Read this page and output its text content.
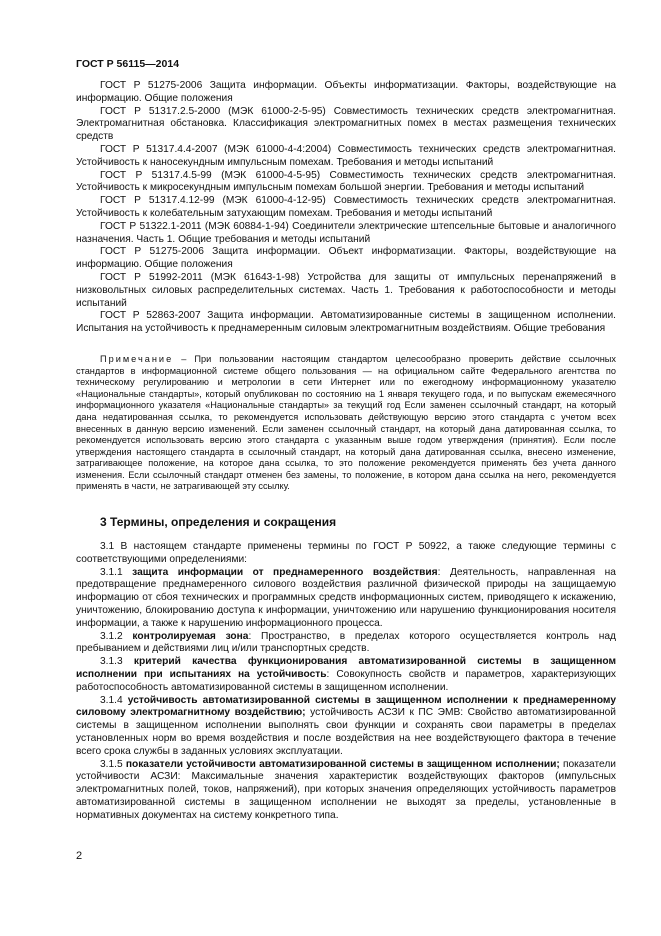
ГОСТ Р 56115—2014

ГОСТ Р 51275-2006 Защита информации. Объекты информатизации. Факторы, воздействующие на информацию. Общие положения

ГОСТ Р 51317.2.5-2000 (МЭК 61000-2-5-95) Совместимость технических средств электромагнитная. Электромагнитная обстановка. Классификация электромагнитных помех в местах размещения технических средств

ГОСТ Р 51317.4.4-2007 (МЭК 61000-4-4:2004) Совместимость технических средств электромагнитная. Устойчивость к наносекундным импульсным помехам. Требования и методы испытаний

ГОСТ Р 51317.4.5-99 (МЭК 61000-4-5-95) Совместимость технических средств электромагнитная. Устойчивость к микросекундным импульсным помехам большой энергии. Требования и методы испытаний

ГОСТ Р 51317.4.12-99 (МЭК 61000-4-12-95) Совместимость технических средств электромагнитная. Устойчивость к колебательным затухающим помехам. Требования и методы испытаний

ГОСТ Р 51322.1-2011 (МЭК 60884-1-94) Соединители электрические штепсельные бытовые и аналогичного назначения. Часть 1. Общие требования и методы испытаний

ГОСТ Р 51275-2006 Защита информации. Объект информатизации. Факторы, воздействующие на информацию. Общие положения

ГОСТ Р 51992-2011 (МЭК 61643-1-98) Устройства для защиты от импульсных перенапряжений в низковольтных силовых распределительных системах. Часть 1. Требования к работоспособности и методы испытаний

ГОСТ Р 52863-2007 Защита информации. Автоматизированные системы в защищенном исполнении. Испытания на устойчивость к преднамеренным силовым электромагнитным воздействиям. Общие требования

Примечание – При пользовании настоящим стандартом целесообразно проверить действие ссылочных стандартов в информационной системе общего пользования — на официальном сайте Федерального агентства по техническому регулированию и метрологии в сети Интернет или по ежегодному информационному указателю «Национальные стандарты», который опубликован по состоянию на 1 января текущего года, и по выпускам ежемесячного информационного указателя «Национальные стандарты» за текущий год Если заменен ссылочный стандарт, на который дана недатированная ссылка, то рекомендуется использовать действующую версию этого стандарта с учетом всех внесенных в данную версию изменений. Если заменен ссылочный стандарт, на который дана датированная ссылка, то рекомендуется использовать версию этого стандарта с указанным выше годом утверждения (принятия). Если после утверждения настоящего стандарта в ссылочный стандарт, на который дана датированная ссылка, внесено изменение, затрагивающее положение, на которое дана ссылка, то это положение рекомендуется применять без учета данного изменения. Если ссылочный стандарт отменен без замены, то положение, в котором дана ссылка на него, рекомендуется применять в части, не затрагивающей эту ссылку.

3 Термины, определения и сокращения

3.1 В настоящем стандарте применены термины по ГОСТ Р 50922, а также следующие термины с соответствующими определениями:

3.1.1 защита информации от преднамеренного воздействия: Деятельность, направленная на предотвращение преднамеренного силового воздействия различной физической природы на защищаемую информацию от сбоя технических и программных средств информационных систем, приводящего к искажению, уничтожению, блокированию доступа к информации, уничтожению или нарушению функционирования носителя информации, а также к нарушению информационного процесса.

3.1.2 контролируемая зона: Пространство, в пределах которого осуществляется контроль над пребыванием и действиями лиц и/или транспортных средств.

3.1.3 критерий качества функционирования автоматизированной системы в защищенном исполнении при испытаниях на устойчивость: Совокупность свойств и параметров, характеризующих работоспособность автоматизированной системы в защищенном исполнении.

3.1.4 устойчивость автоматизированной системы в защищенном исполнении к преднамеренному силовому электромагнитному воздействию; устойчивость АСЗИ к ПС ЭМВ: Свойство автоматизированной системы в защищенном исполнении выполнять свои функции и сохранять свои параметры в пределах установленных норм во время воздействия и после воздействия на нее воздействующего фактора в течение всего срока службы в заданных условиях эксплуатации.

3.1.5 показатели устойчивости автоматизированной системы в защищенном исполнении; показатели устойчивости АСЗИ: Максимальные значения характеристик воздействующих факторов (импульсных электромагнитных полей, токов, напряжений), при которых значения определяющих устойчивость параметров автоматизированной системы в защищенном исполнении не выходят за пределы, установленные в нормативных документах на систему конкретного типа.

2
